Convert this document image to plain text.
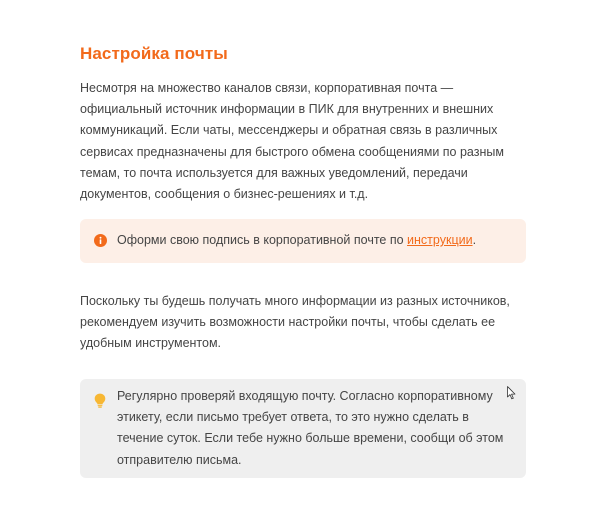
Настройка почты

Несмотря на множество каналов связи, корпоративная почта — официальный источник информации в ПИК для внутренних и внешних коммуникаций. Если чаты, мессенджеры и обратная связь в различных сервисах предназначены для быстрого обмена сообщениями по разным темам, то почта используется для важных уведомлений, передачи документов, сообщения о бизнес-решениях и т.д.

Оформи свою подпись в корпоративной почте по инструкции.

Поскольку ты будешь получать много информации из разных источников, рекомендуем изучить возможности настройки почты, чтобы сделать ее удобным инструментом.

Регулярно проверяй входящую почту. Согласно корпоративному этикету, если письмо требует ответа, то это нужно сделать в течение суток. Если тебе нужно больше времени, сообщи об этом отправителю письма.
